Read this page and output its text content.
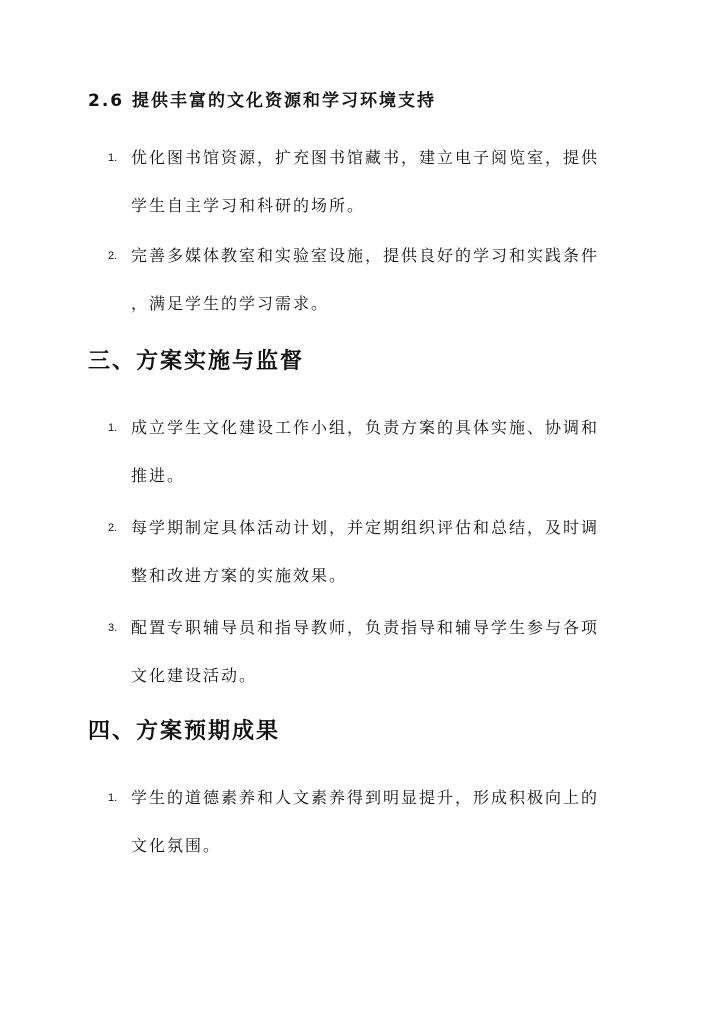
2.6 提供丰富的文化资源和学习环境支持
1. 优化图书馆资源，扩充图书馆藏书，建立电子阅览室，提供
学生自主学习和科研的场所。
2. 完善多媒体教室和实验室设施，提供良好的学习和实践条件
，满足学生的学习需求。
三、方案实施与监督
1. 成立学生文化建设工作小组，负责方案的具体实施、协调和
推进。
2. 每学期制定具体活动计划，并定期组织评估和总结，及时调
整和改进方案的实施效果。
3. 配置专职辅导员和指导教师，负责指导和辅导学生参与各项
文化建设活动。
四、方案预期成果
1. 学生的道德素养和人文素养得到明显提升，形成积极向上的
文化氛围。
